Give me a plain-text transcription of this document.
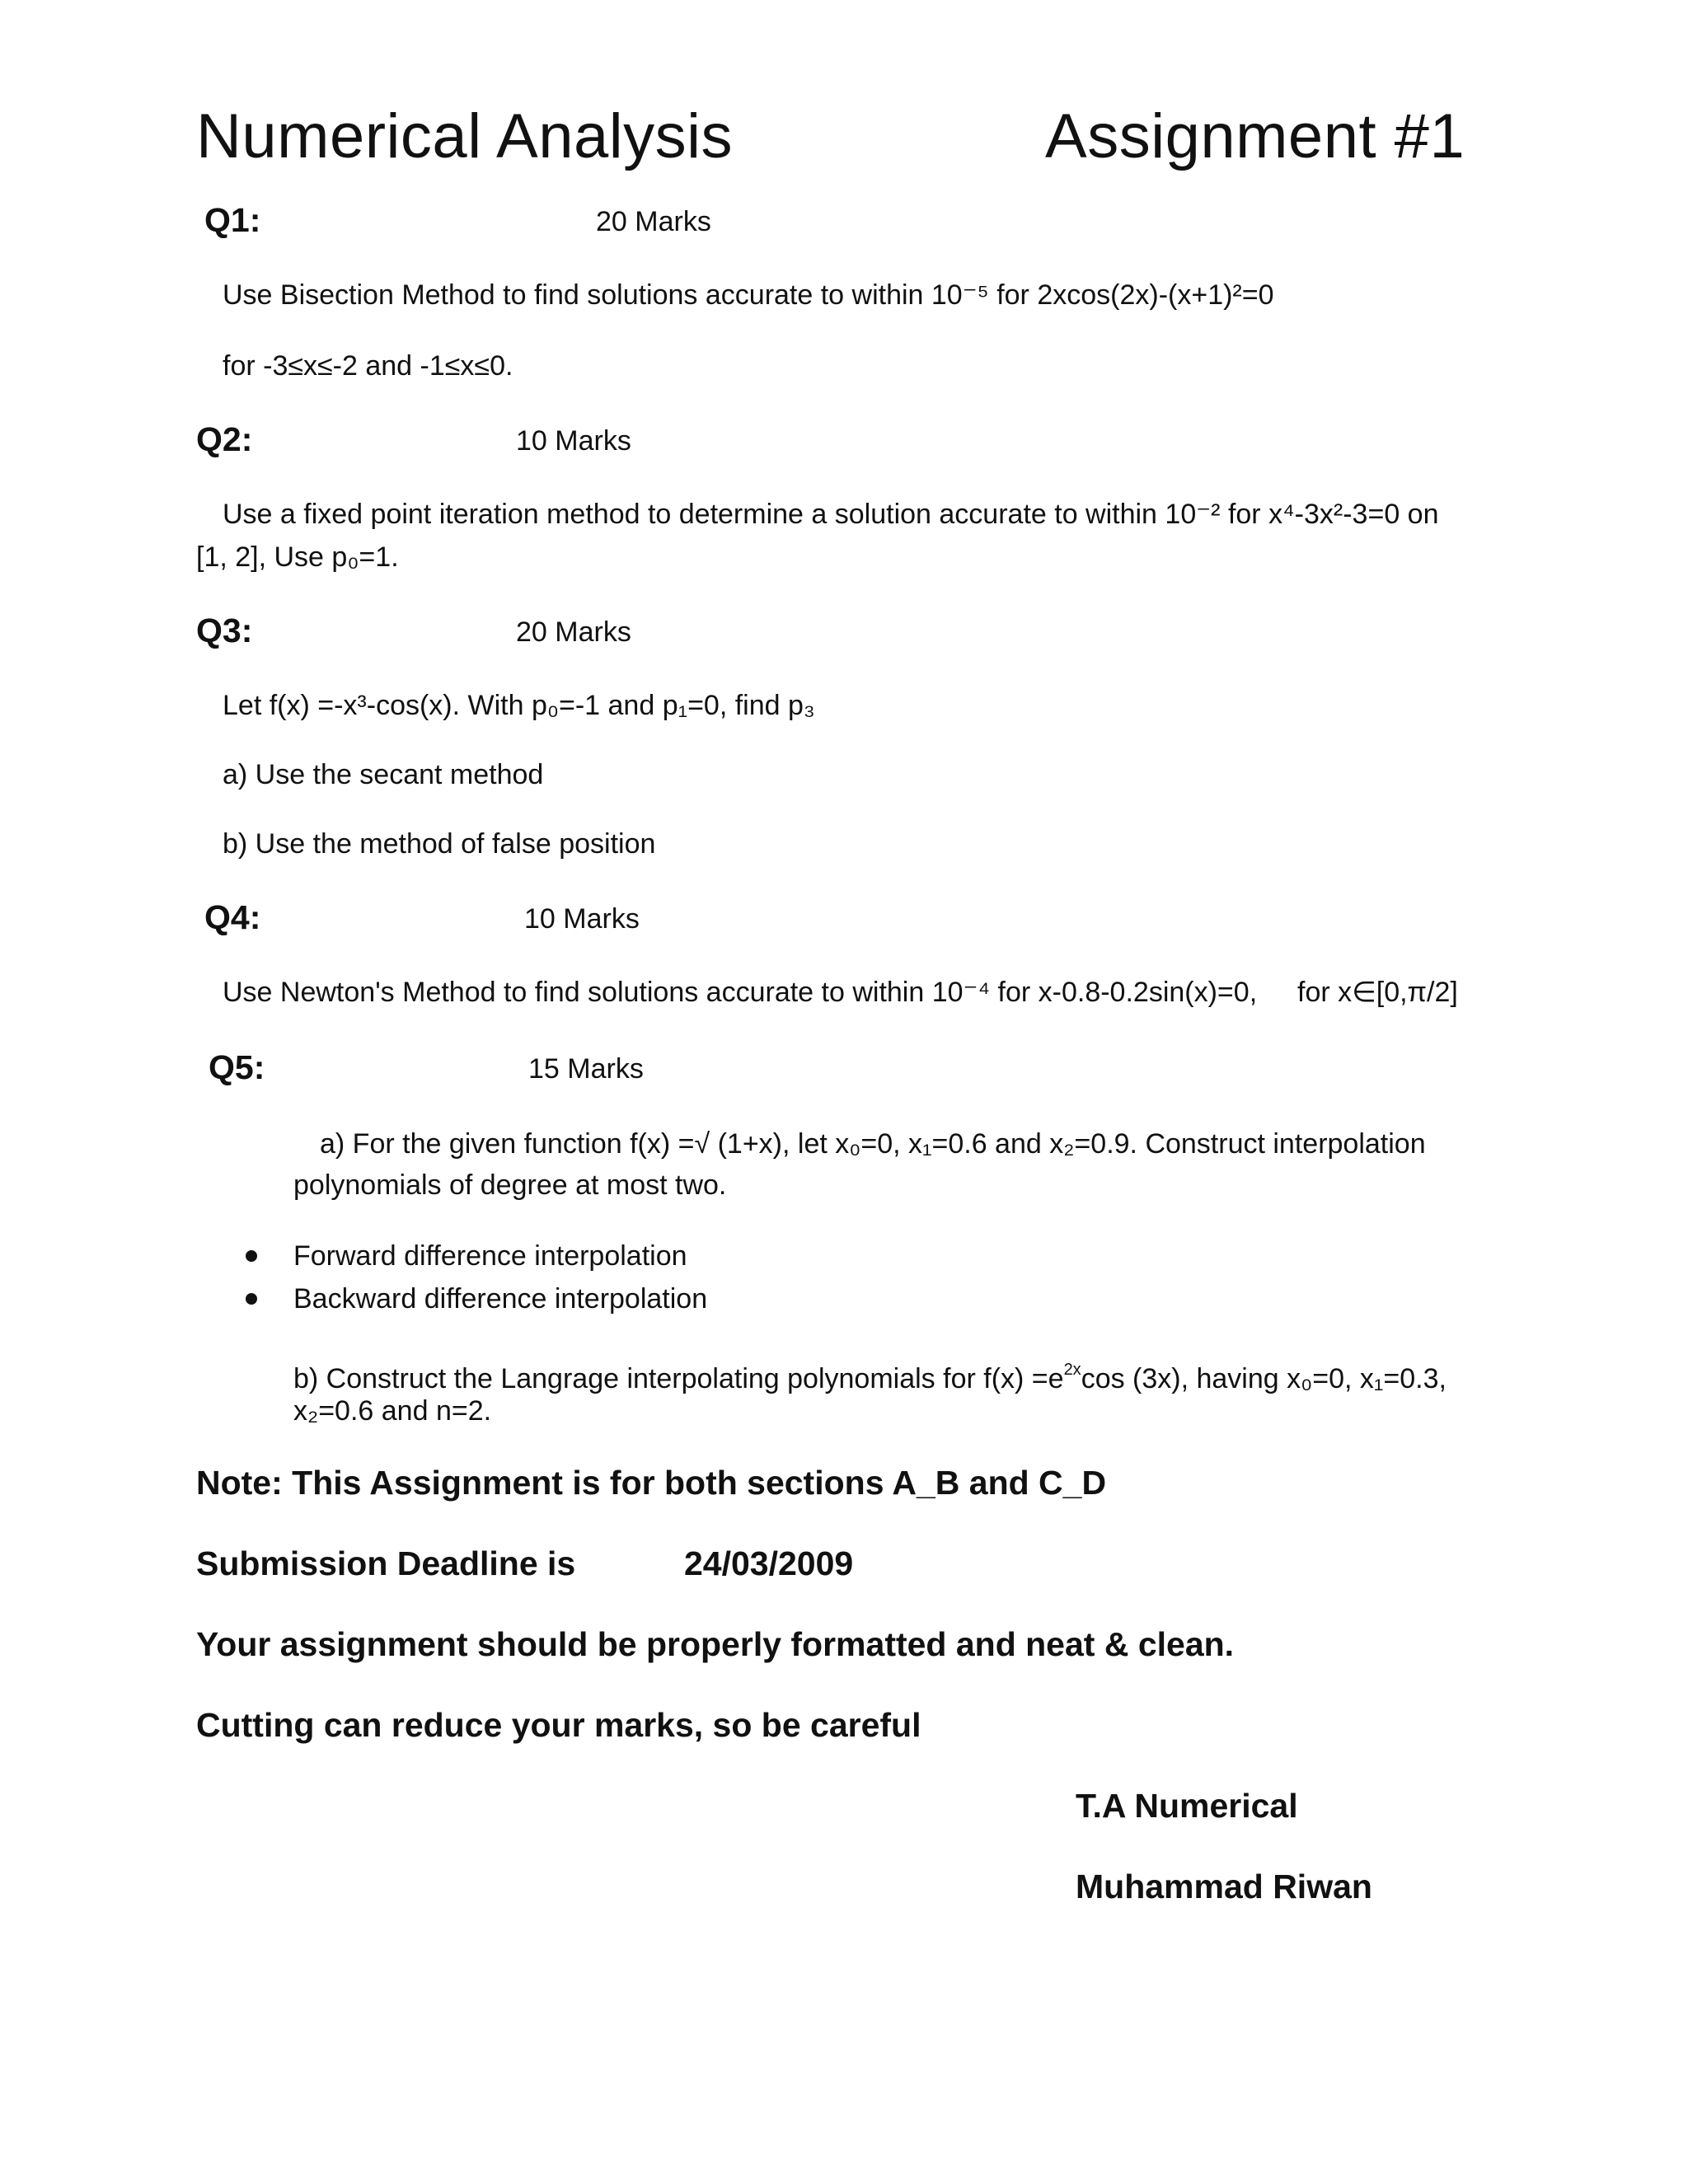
Numerical Analysis	Assignment #1
Q1:	20 Marks
Use Bisection Method to find solutions accurate to within 10⁻⁵ for 2xcos(2x)-(x+1)²=0
for -3≤x≤-2 and -1≤x≤0.
Q2:	10 Marks
Use a fixed point iteration method to determine a solution accurate to within 10⁻² for x⁴-3x²-3=0 on
[1, 2], Use p₀=1.
Q3:	20 Marks
Let f(x) =-x³-cos(x). With p₀=-1 and p₁=0, find p₃
a) Use the secant method
b) Use the method of false position
Q4:	10 Marks
Use Newton's Method to find solutions accurate to within 10⁻⁴ for x-0.8-0.2sin(x)=0, for x∈[0,π/2]
Q5:	15 Marks
a) For the given function f(x) =√ (1+x), let x₀=0, x₁=0.6 and x₂=0.9. Construct interpolation
polynomials of degree at most two.
Forward difference interpolation
Backward difference interpolation
b) Construct the Langrage interpolating polynomials for $f(x) =e^{2x}\cos$ (3x), having x₀=0, x₁=0.3,
x₂=0.6 and n=2.
Note: This Assignment is for both sections A_B and C_D
Submission Deadline is	24/03/2009
Your assignment should be properly formatted and neat & clean.
Cutting can reduce your marks, so be careful
T.A Numerical
Muhammad Riwan
